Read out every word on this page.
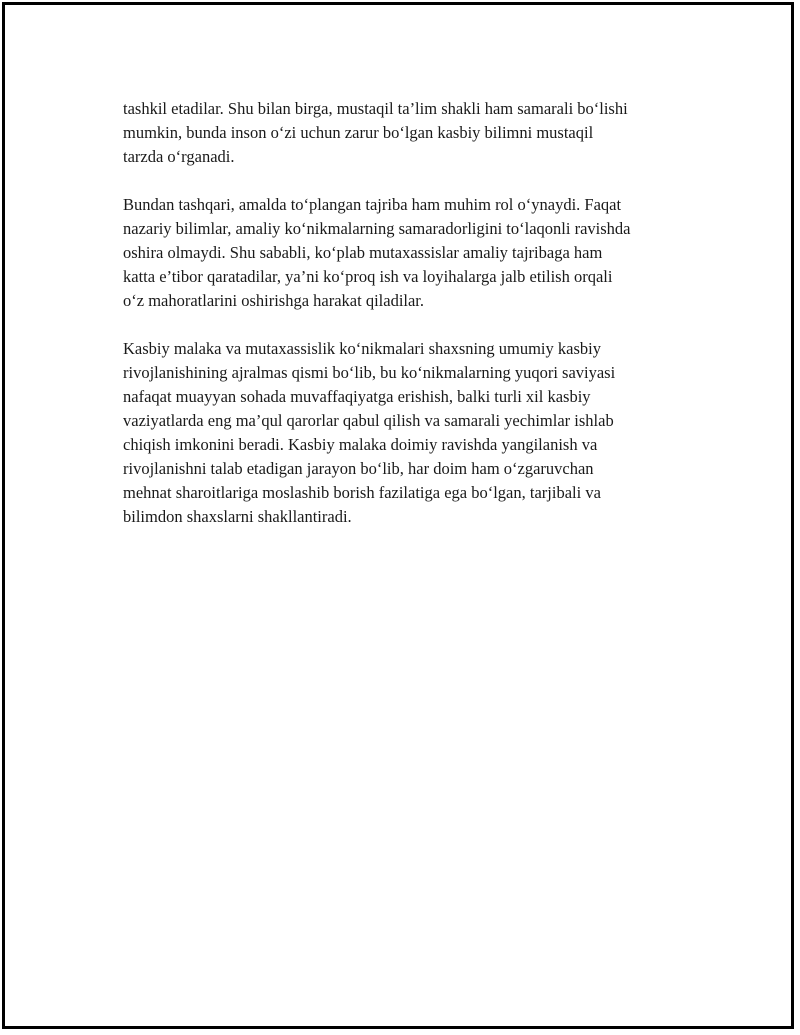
tashkil etadilar. Shu bilan birga, mustaqil ta’lim shakli ham samarali bo‘lishi
mumkin, bunda inson o‘zi uchun zarur bo‘lgan kasbiy bilimni mustaqil
tarzda o‘rganadi.

Bundan tashqari, amalda to‘plangan tajriba ham muhim rol o‘ynaydi. Faqat
nazariy bilimlar, amaliy ko‘nikmalarning samaradorligini to‘laqonli ravishda
oshira olmaydi. Shu sababli, ko‘plab mutaxassislar amaliy tajribaga ham
katta e’tibor qaratadilar, ya’ni ko‘proq ish va loyihalarga jalb etilish orqali
o‘z mahoratlarini oshirishga harakat qiladilar.

Kasbiy malaka va mutaxassislik ko‘nikmalari shaxsning umumiy kasbiy
rivojlanishining ajralmas qismi bo‘lib, bu ko‘nikmalarning yuqori saviyasi
nafaqat muayyan sohada muvaffaqiyatga erishish, balki turli xil kasbiy
vaziyatlarda eng ma’qul qarorlar qabul qilish va samarali yechimlar ishlab
chiqish imkonini beradi. Kasbiy malaka doimiy ravishda yangilanish va
rivojlanishni talab etadigan jarayon bo‘lib, har doim ham o‘zgaruvchan
mehnat sharoitlariga moslashib borish fazilatiga ega bo‘lgan, tarjibali va
bilimdon shaxslarni shakllantiradi.
